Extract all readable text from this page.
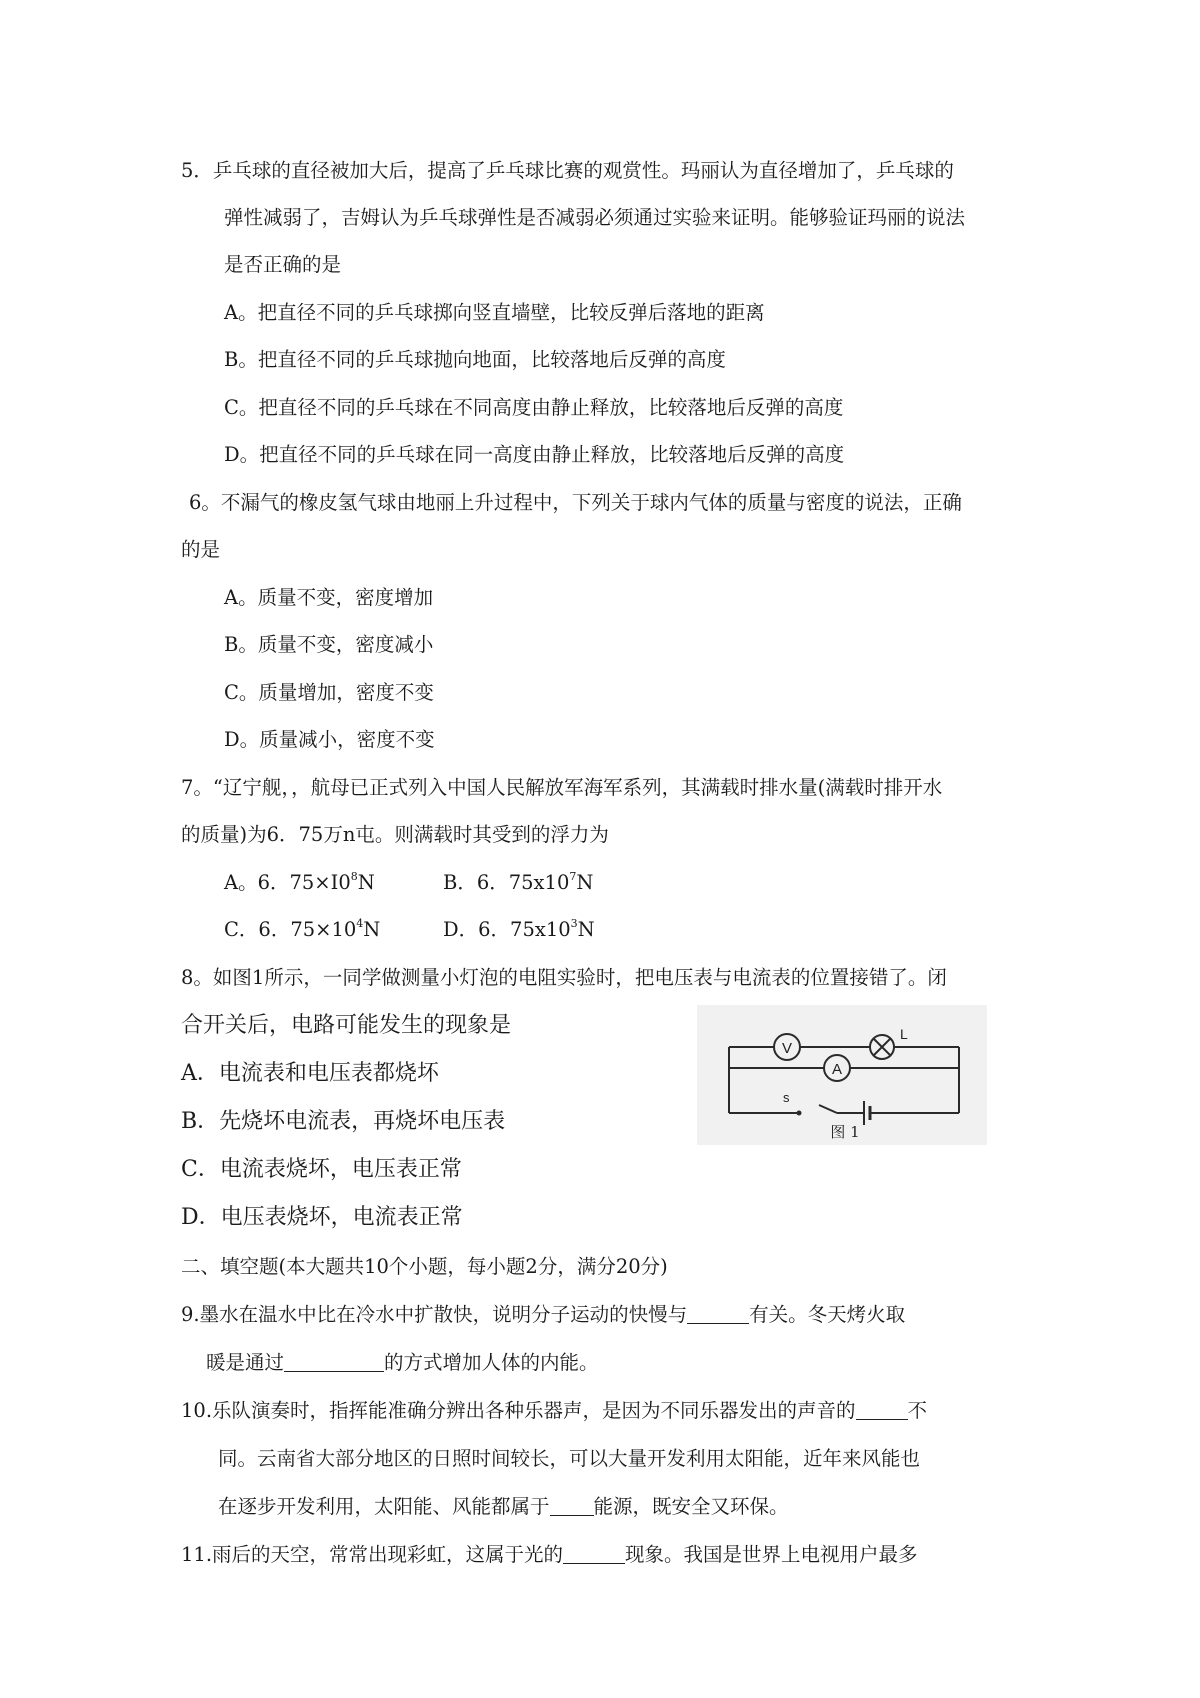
5．乒乓球的直径被加大后，提高了乒乓球比赛的观赏性。玛丽认为直径增加了，乒乓球的
弹性减弱了，吉姆认为乒乓球弹性是否减弱必须通过实验来证明。能够验证玛丽的说法
是否正确的是
A。把直径不同的乒乓球掷向竖直墙壁，比较反弹后落地的距离
B。把直径不同的乒乓球抛向地面，比较落地后反弹的高度
C。把直径不同的乒乓球在不同高度由静止释放，比较落地后反弹的高度
D。把直径不同的乒乓球在同一高度由静止释放，比较落地后反弹的高度
6。不漏气的橡皮氢气球由地丽上升过程中，下列关于球内气体的质量与密度的说法，正确
的是
A。质量不变，密度增加
B。质量不变，密度减小
C。质量增加，密度不变
D。质量减小，密度不变
7。“辽宁舰，，航母已正式列入中国人民解放军海军系列，其满载时排水量(满载时排开水
的质量)为6．75万n屯。则满载时其受到的浮力为
A。6．$75\times I0^8N$	B．6．$75x10^7N$
C．6．$75\times 10^4N$	D．6．$75x10^3N$
8。如图1所示，一同学做测量小灯泡的电阻实验时，把电压表与电流表的位置接错了。闭
合开关后，电路可能发生的现象是
A．电流表和电压表都烧坏
B．先烧坏电流表，再烧坏电压表
C．电流表烧坏，电压表正常
D．电压表烧坏，电流表正常
V
L
A
s
图 1
二、填空题(本大题共10个小题，每小题2分，满分20分)
9.墨水在温水中比在冷水中扩散快，说明分子运动的快慢与	有关。冬天烤火取
暖是通过	的方式增加人体的内能。
10.乐队演奏时，指挥能准确分辨出各种乐器声，是因为不同乐器发出的声音的	不
同。云南省大部分地区的日照时间较长，可以大量开发利用太阳能，近年来风能也
在逐步开发利用，太阳能、风能都属于 能源，既安全又环保。
11.雨后的天空，常常出现彩虹，这属于光的	现象。我国是世界上电视用户最多
